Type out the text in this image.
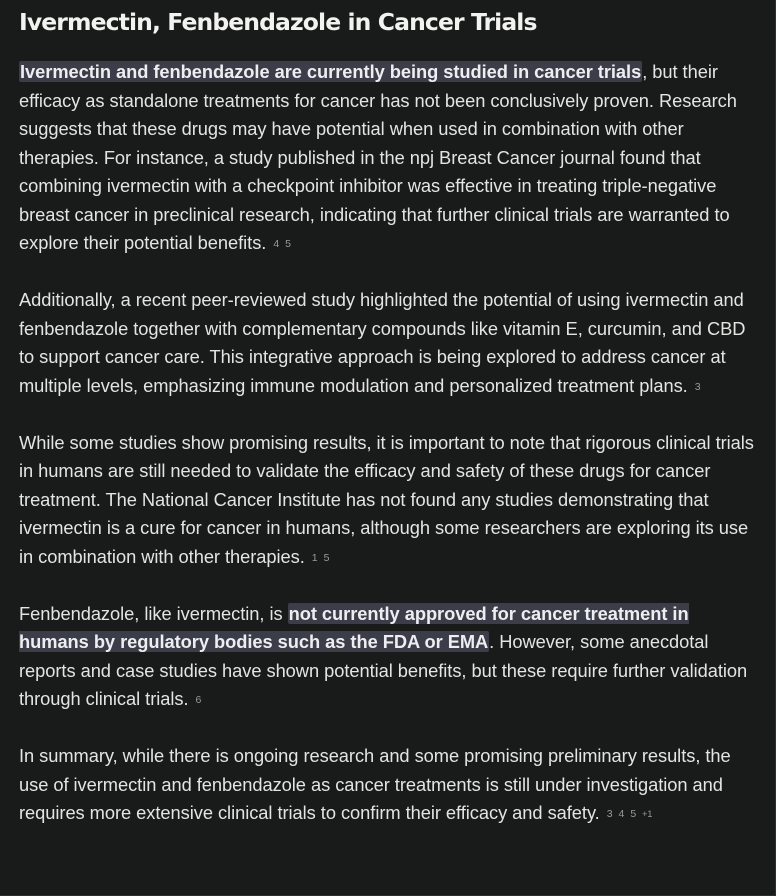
Ivermectin, Fenbendazole in Cancer Trials

Ivermectin and fenbendazole are currently being studied in cancer trials, but their efficacy as standalone treatments for cancer has not been conclusively proven. Research suggests that these drugs may have potential when used in combination with other therapies. For instance, a study published in the npj Breast Cancer journal found that combining ivermectin with a checkpoint inhibitor was effective in treating triple-negative breast cancer in preclinical research, indicating that further clinical trials are warranted to explore their potential benefits. 4 5

Additionally, a recent peer-reviewed study highlighted the potential of using ivermectin and fenbendazole together with complementary compounds like vitamin E, curcumin, and CBD to support cancer care. This integrative approach is being explored to address cancer at multiple levels, emphasizing immune modulation and personalized treatment plans. 3

While some studies show promising results, it is important to note that rigorous clinical trials in humans are still needed to validate the efficacy and safety of these drugs for cancer treatment. The National Cancer Institute has not found any studies demonstrating that ivermectin is a cure for cancer in humans, although some researchers are exploring its use in combination with other therapies. 1 5

Fenbendazole, like ivermectin, is not currently approved for cancer treatment in humans by regulatory bodies such as the FDA or EMA. However, some anecdotal reports and case studies have shown potential benefits, but these require further validation through clinical trials. 6

In summary, while there is ongoing research and some promising preliminary results, the use of ivermectin and fenbendazole as cancer treatments is still under investigation and requires more extensive clinical trials to confirm their efficacy and safety. 3 4 5 +1
